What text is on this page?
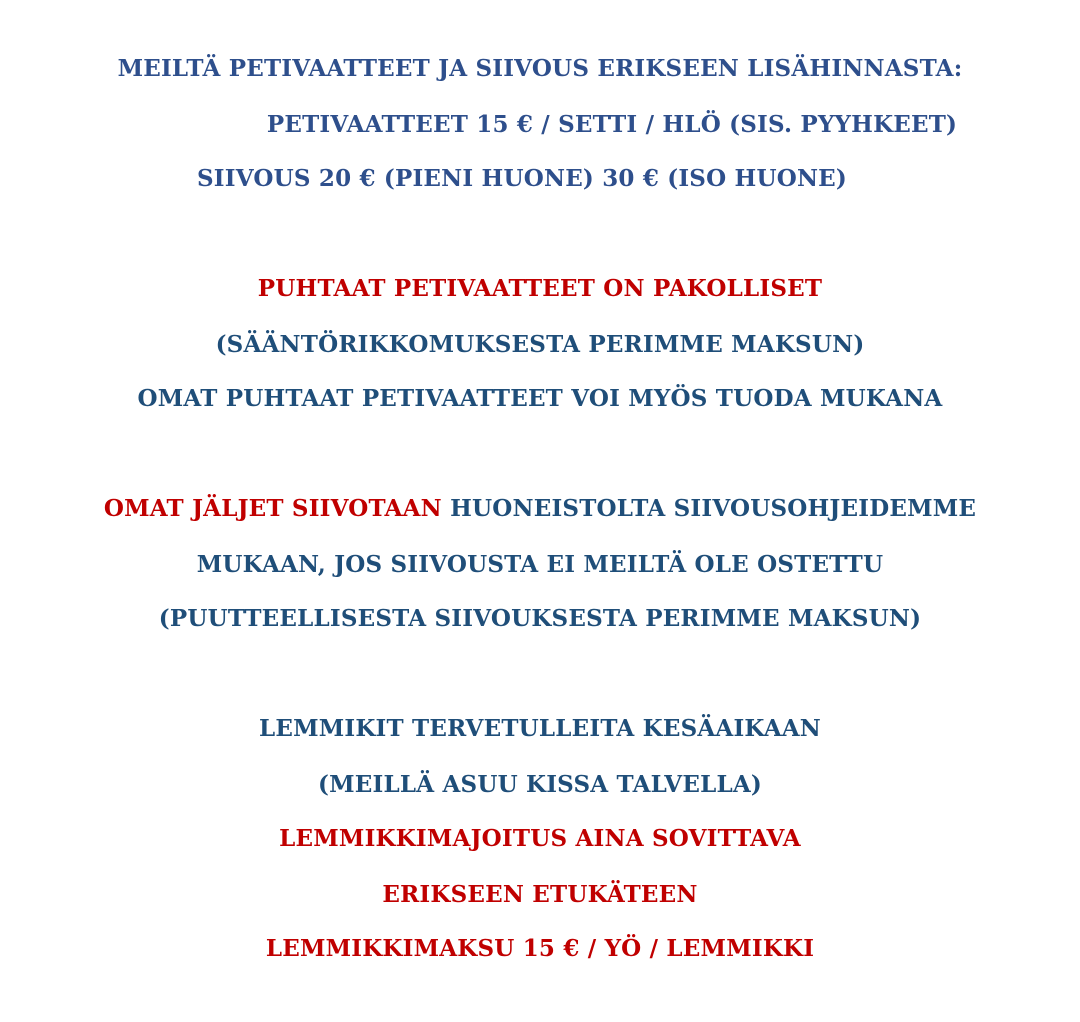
MEILTÄ PETIVAATTEET JA SIIVOUS ERIKSEEN LISÄHINNASTA:
PETIVAATTEET 15 € / SETTI / HLÖ (SIS. PYYHKEET)
SIIVOUS 20 € (PIENI HUONE) 30 € (ISO HUONE)
PUHTAAT PETIVAATTEET ON PAKOLLISET
(SÄÄNTÖRIKKOMUKSESTA PERIMME MAKSUN)
OMAT PUHTAAT PETIVAATTEET VOI MYÖS TUODA MUKANA
OMAT JÄLJET SIIVOTAAN HUONEISTOLTA SIIVOUSOHJEIDEMME
MUKAAN, JOS SIIVOUSTA EI MEILTÄ OLE OSTETTU
(PUUTTEELLISESTA SIIVOUKSESTA PERIMME MAKSUN)
LEMMIKIT TERVETULLEITA KESÄAIKAAN
(MEILLÄ ASUU KISSA TALVELLA)
LEMMIKKIMAJOITUS AINA SOVITTAVA
ERIKSEEN ETUKÄTEEN
LEMMIKKIMAKSU 15 € / YÖ / LEMMIKKI
